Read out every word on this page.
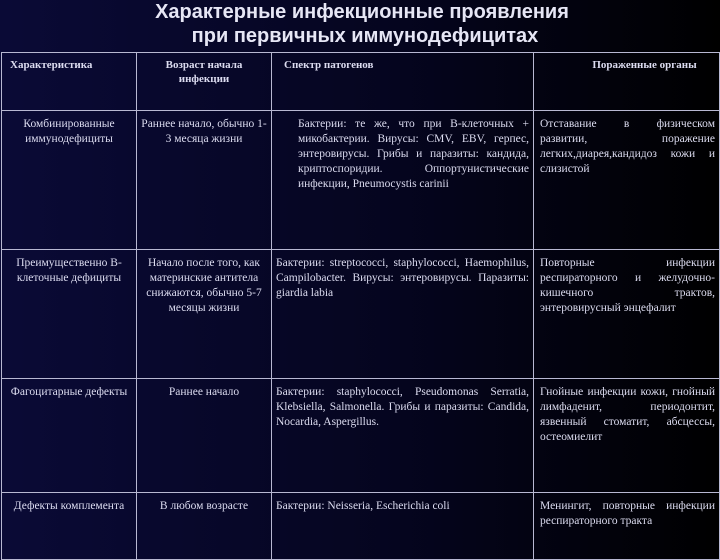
Характерные инфекционные проявления
при первичных иммунодефицитах
Характеристика	Возраст начала инфекции	Спектр патогенов	Пораженные органы
Комбинированные иммунодефициты	Раннее начало, обычно 1-3 месяца жизни	Бактерии: те же, что при В-клеточных + микобактерии. Вирусы: CMV, EBV, герпес, энтеровирусы. Грибы и паразиты: кандида, криптоспоридии. Оппортунистические инфекции, Pneumocystis carinii	Отставание в физическом развитии, поражение легких,диарея,кандидоз кожи и слизистой

Преимущественно В-клеточные дефициты	Начало после того, как материнские антитела снижаются, обычно 5-7 месяцы жизни	Бактерии: streptococci, staphylococci, Haemophilus, Campilobacter. Вирусы: энтеровирусы. Паразиты: giardia labia	Повторные инфекции респираторного и желудочно-кишечного трактов, энтеровирусный энцефалит

Фагоцитарные дефекты	Раннее начало	Бактерии: staphylococci, Pseudomonas Serratia, Klebsiella, Salmonella. Грибы и паразиты: Candida, Nocardia, Aspergillus.	Гнойные инфекции кожи, гнойный лимфаденит, периодонтит, язвенный стоматит, абсцессы, остеомиелит

Дефекты комплемента	В любом возрасте	Бактерии: Neisseria, Escherichia coli	Менингит, повторные инфекции респираторного тракта
